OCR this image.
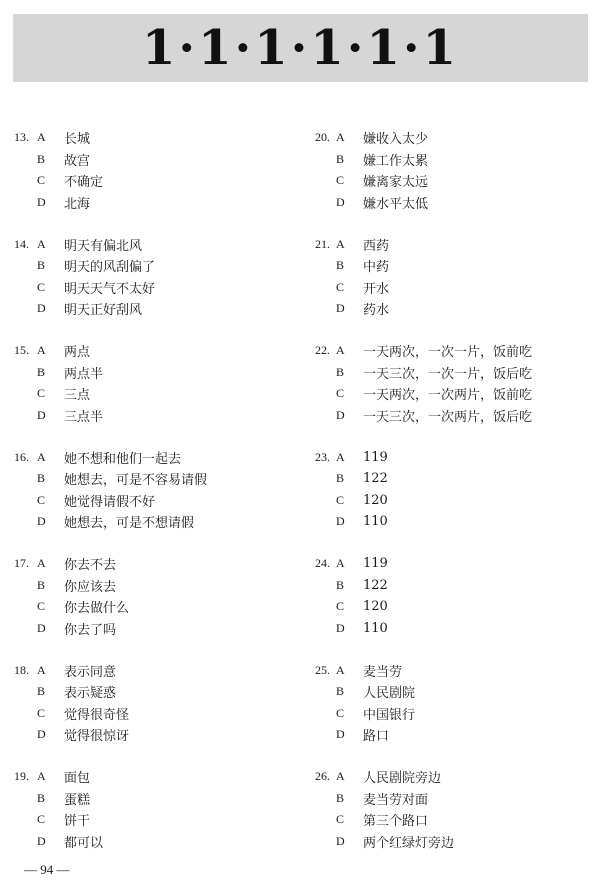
1·1·1·1·1·1
13. A	长城
B	故宫
C	不确定
D	北海
14. A	明天有偏北风
B	明天的风刮偏了
C	明天天气不太好
D	明天正好刮风
15. A	两点
B	两点半
C	三点
D	三点半
16. A	她不想和他们一起去
B	她想去，可是不容易请假
C	她觉得请假不好
D	她想去，可是不想请假
17. A	你去不去
B	你应该去
C	你去做什么
D	你去了吗
18. A	表示同意
B	表示疑惑
C	觉得很奇怪
D	觉得很惊讶
19. A	面包
B	蛋糕
C	饼干
D	都可以
20. A	嫌收入太少
B	嫌工作太累
C	嫌离家太远
D	嫌水平太低
21. A	西药
B	中药
C	开水
D	药水
22. A	一天两次，一次一片，饭前吃
B	一天三次，一次一片，饭后吃
C	一天两次，一次两片，饭前吃
D	一天三次，一次两片，饭后吃
23. A	119
B	122
C	120
D	110
24. A	119
B	122
C	120
D	110
25. A	麦当劳
B	人民剧院
C	中国银行
D	路口
26. A	人民剧院旁边
B	麦当劳对面
C	第三个路口
D	两个红绿灯旁边
— 94 —
